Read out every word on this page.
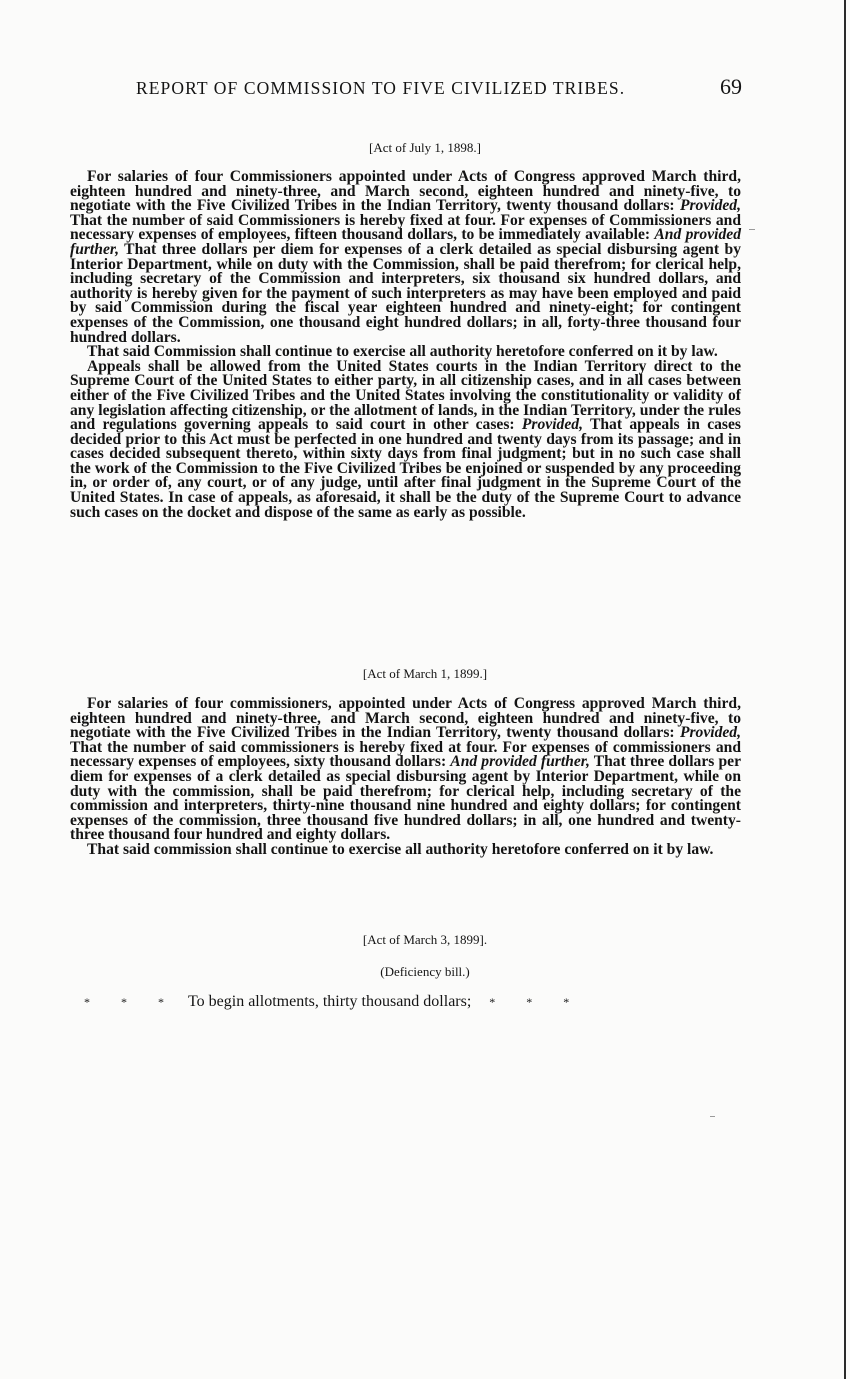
REPORT OF COMMISSION TO FIVE CIVILIZED TRIBES.	69
[Act of July 1, 1898.]

For salaries of four Commissioners appointed under Acts of Congress approved March third, eighteen hundred and ninety-three, and March second, eighteen hundred and ninety-five, to negotiate with the Five Civilized Tribes in the Indian Territory, twenty thousand dollars: Provided, That the number of said Commissioners is hereby fixed at four. For expenses of Commissioners and necessary expenses of employees, fifteen thousand dollars, to be immediately available: And provided further, That three dollars per diem for expenses of a clerk detailed as special disbursing agent by Interior Department, while on duty with the Commission, shall be paid therefrom; for clerical help, including secretary of the Commission and interpreters, six thousand six hundred dollars, and authority is hereby given for the payment of such interpreters as may have been employed and paid by said Commission during the fiscal year eighteen hundred and ninety-eight; for contingent expenses of the Commission, one thousand eight hundred dollars; in all, forty-three thousand four hundred dollars.

That said Commission shall continue to exercise all authority heretofore conferred on it by law.

Appeals shall be allowed from the United States courts in the Indian Territory direct to the Supreme Court of the United States to either party, in all citizenship cases, and in all cases between either of the Five Civilized Tribes and the United States involving the constitutionality or validity of any legislation affecting citizenship, or the allotment of lands, in the Indian Territory, under the rules and regulations governing appeals to said court in other cases: Provided, That appeals in cases decided prior to this Act must be perfected in one hundred and twenty days from its passage; and in cases decided subsequent thereto, within sixty days from final judgment; but in no such case shall the work of the Commission to the Five Civilized Tribes be enjoined or suspended by any proceeding in, or order of, any court, or of any judge, until after final judgment in the Supreme Court of the United States. In case of appeals, as aforesaid, it shall be the duty of the Supreme Court to advance such cases on the docket and dispose of the same as early as possible.

[Act of March 1, 1899.]

For salaries of four commissioners, appointed under Acts of Congress approved March third, eighteen hundred and ninety-three, and March second, eighteen hundred and ninety-five, to negotiate with the Five Civilized Tribes in the Indian Territory, twenty thousand dollars: Provided, That the number of said commissioners is hereby fixed at four. For expenses of commissioners and necessary expenses of employees, sixty thousand dollars: And provided further, That three dollars per diem for expenses of a clerk detailed as special disbursing agent by Interior Department, while on duty with the commission, shall be paid therefrom; for clerical help, including secretary of the commission and interpreters, thirty-nine thousand nine hundred and eighty dollars; for contingent expenses of the commission, three thousand five hundred dollars; in all, one hundred and twenty-three thousand four hundred and eighty dollars.

That said commission shall continue to exercise all authority heretofore conferred on it by law.

[Act of March 3, 1899].
(Deficiency bill.)
* * * To begin allotments, thirty thousand dollars; * * *
